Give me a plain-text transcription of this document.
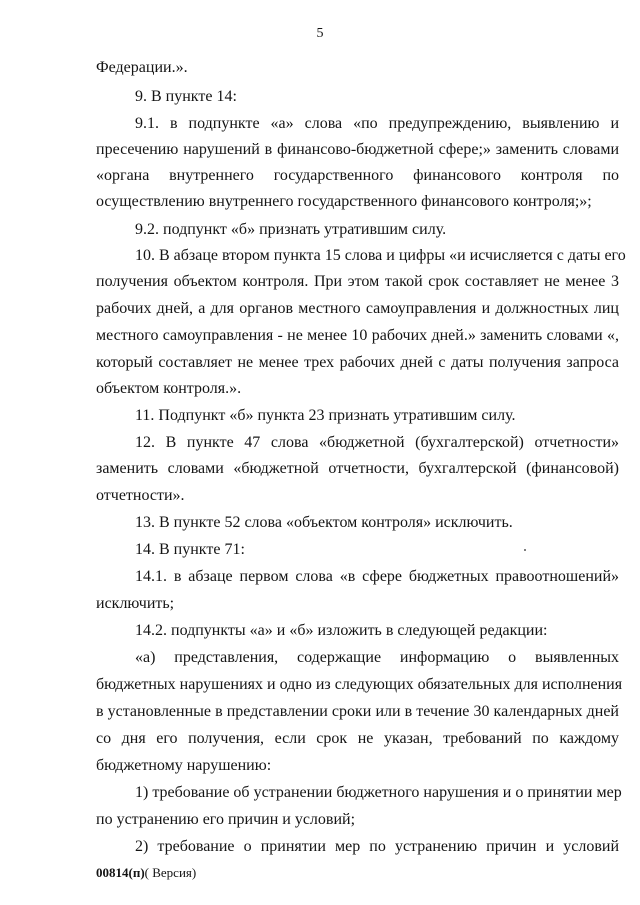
5
Федерации.».
9. В пункте 14:
9.1. в подпункте «а» слова «по предупреждению, выявлению и
пресечению нарушений в финансово-бюджетной сфере;» заменить словами
«органа внутреннего государственного финансового контроля по
осуществлению внутреннего государственного финансового контроля;»;
9.2. подпункт «б» признать утратившим силу.
10. В абзаце втором пункта 15 слова и цифры «и исчисляется с даты его
получения объектом контроля. При этом такой срок составляет не менее 3
рабочих дней, а для органов местного самоуправления и должностных лиц
местного самоуправления - не менее 10 рабочих дней.» заменить словами «,
который составляет не менее трех рабочих дней с даты получения запроса
объектом контроля.».
11. Подпункт «б» пункта 23 признать утратившим силу.
12. В пункте 47 слова «бюджетной (бухгалтерской) отчетности»
заменить словами «бюджетной отчетности, бухгалтерской (финансовой)
отчетности».
13. В пункте 52 слова «объектом контроля» исключить.
14. В пункте 71:
14.1. в абзаце первом слова «в сфере бюджетных правоотношений»
исключить;
14.2. подпункты «а» и «б» изложить в следующей редакции:
«а) представления, содержащие информацию о выявленных
бюджетных нарушениях и одно из следующих обязательных для исполнения
в установленные в представлении сроки или в течение 30 календарных дней
со дня его получения, если срок не указан, требований по каждому
бюджетному нарушению:
1) требование об устранении бюджетного нарушения и о принятии мер
по устранению его причин и условий;
2) требование о принятии мер по устранению причин и условий
00814(п)( Версия)
